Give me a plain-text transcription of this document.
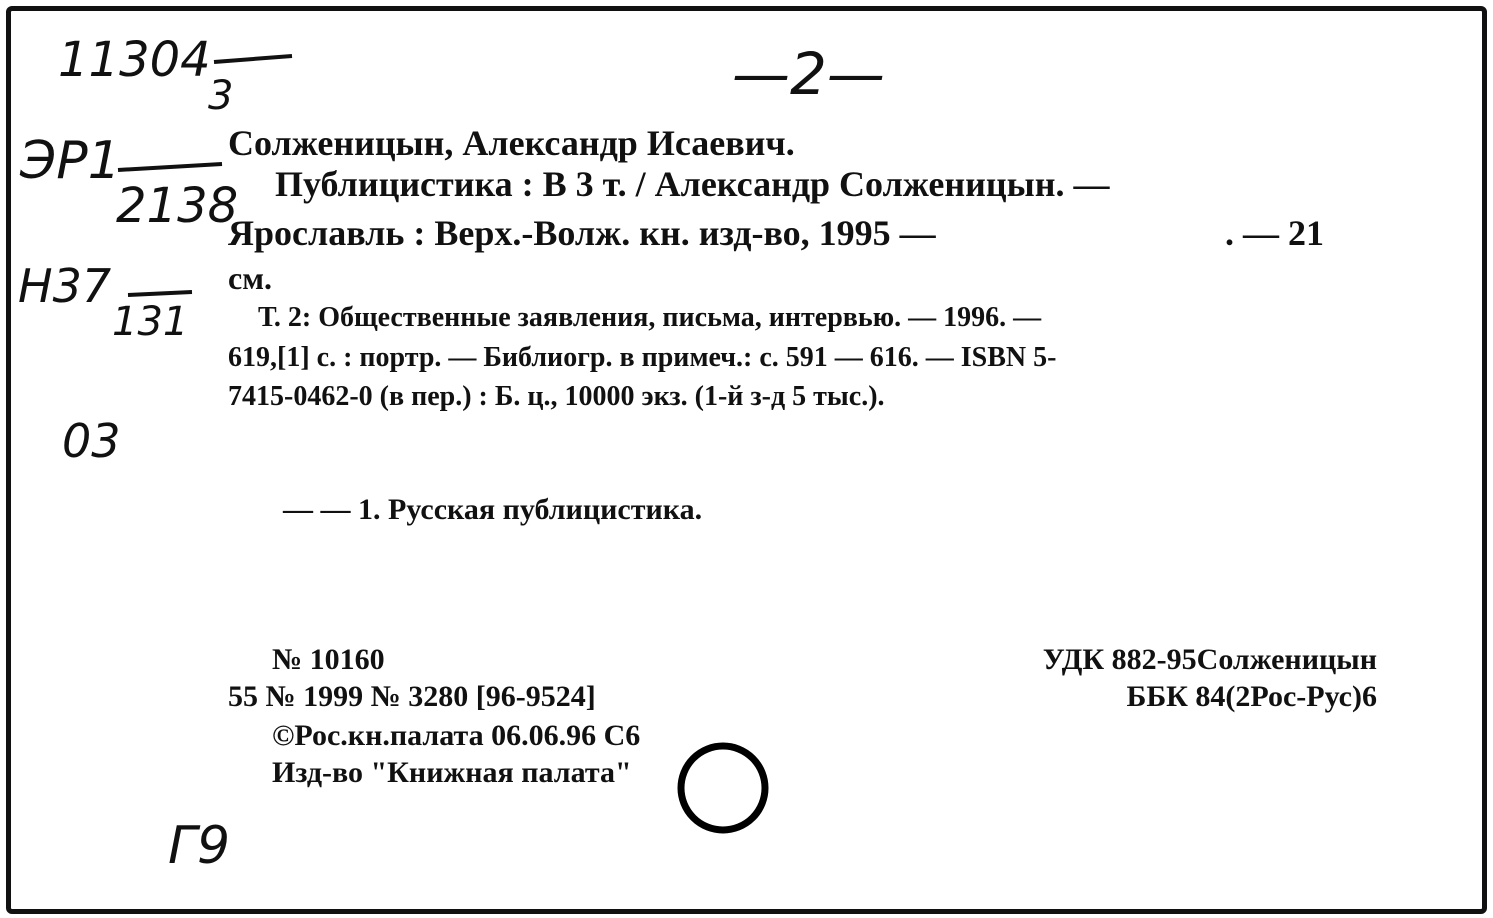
Солженицын, Александр Исаевич.
Публицистика : В 3 т. / Александр Солженицын. —
Ярославль : Верх.-Волж. кн. изд-во, 1995 —	. — 21
см.
Т. 2: Общественные заявления, письма, интервью. — 1996. —
619,[1] с. : портр. — Библиогр. в примеч.: с. 591 — 616. — ISBN 5-
7415-0462-0 (в пер.) : Б. ц., 10000 экз. (1-й з-д 5 тыс.).
— — 1. Русская публицистика.
№ 10160
55 № 1999 № 3280 [96-9524]
©Рос.кн.палата 06.06.96 С6
Изд-во "Книжная палата"
УДК 882-95Солженицын
ББК 84(2Рос-Рус)6
11304
3
ЭР1
2138
Н37
131
03
Г9
—2—
